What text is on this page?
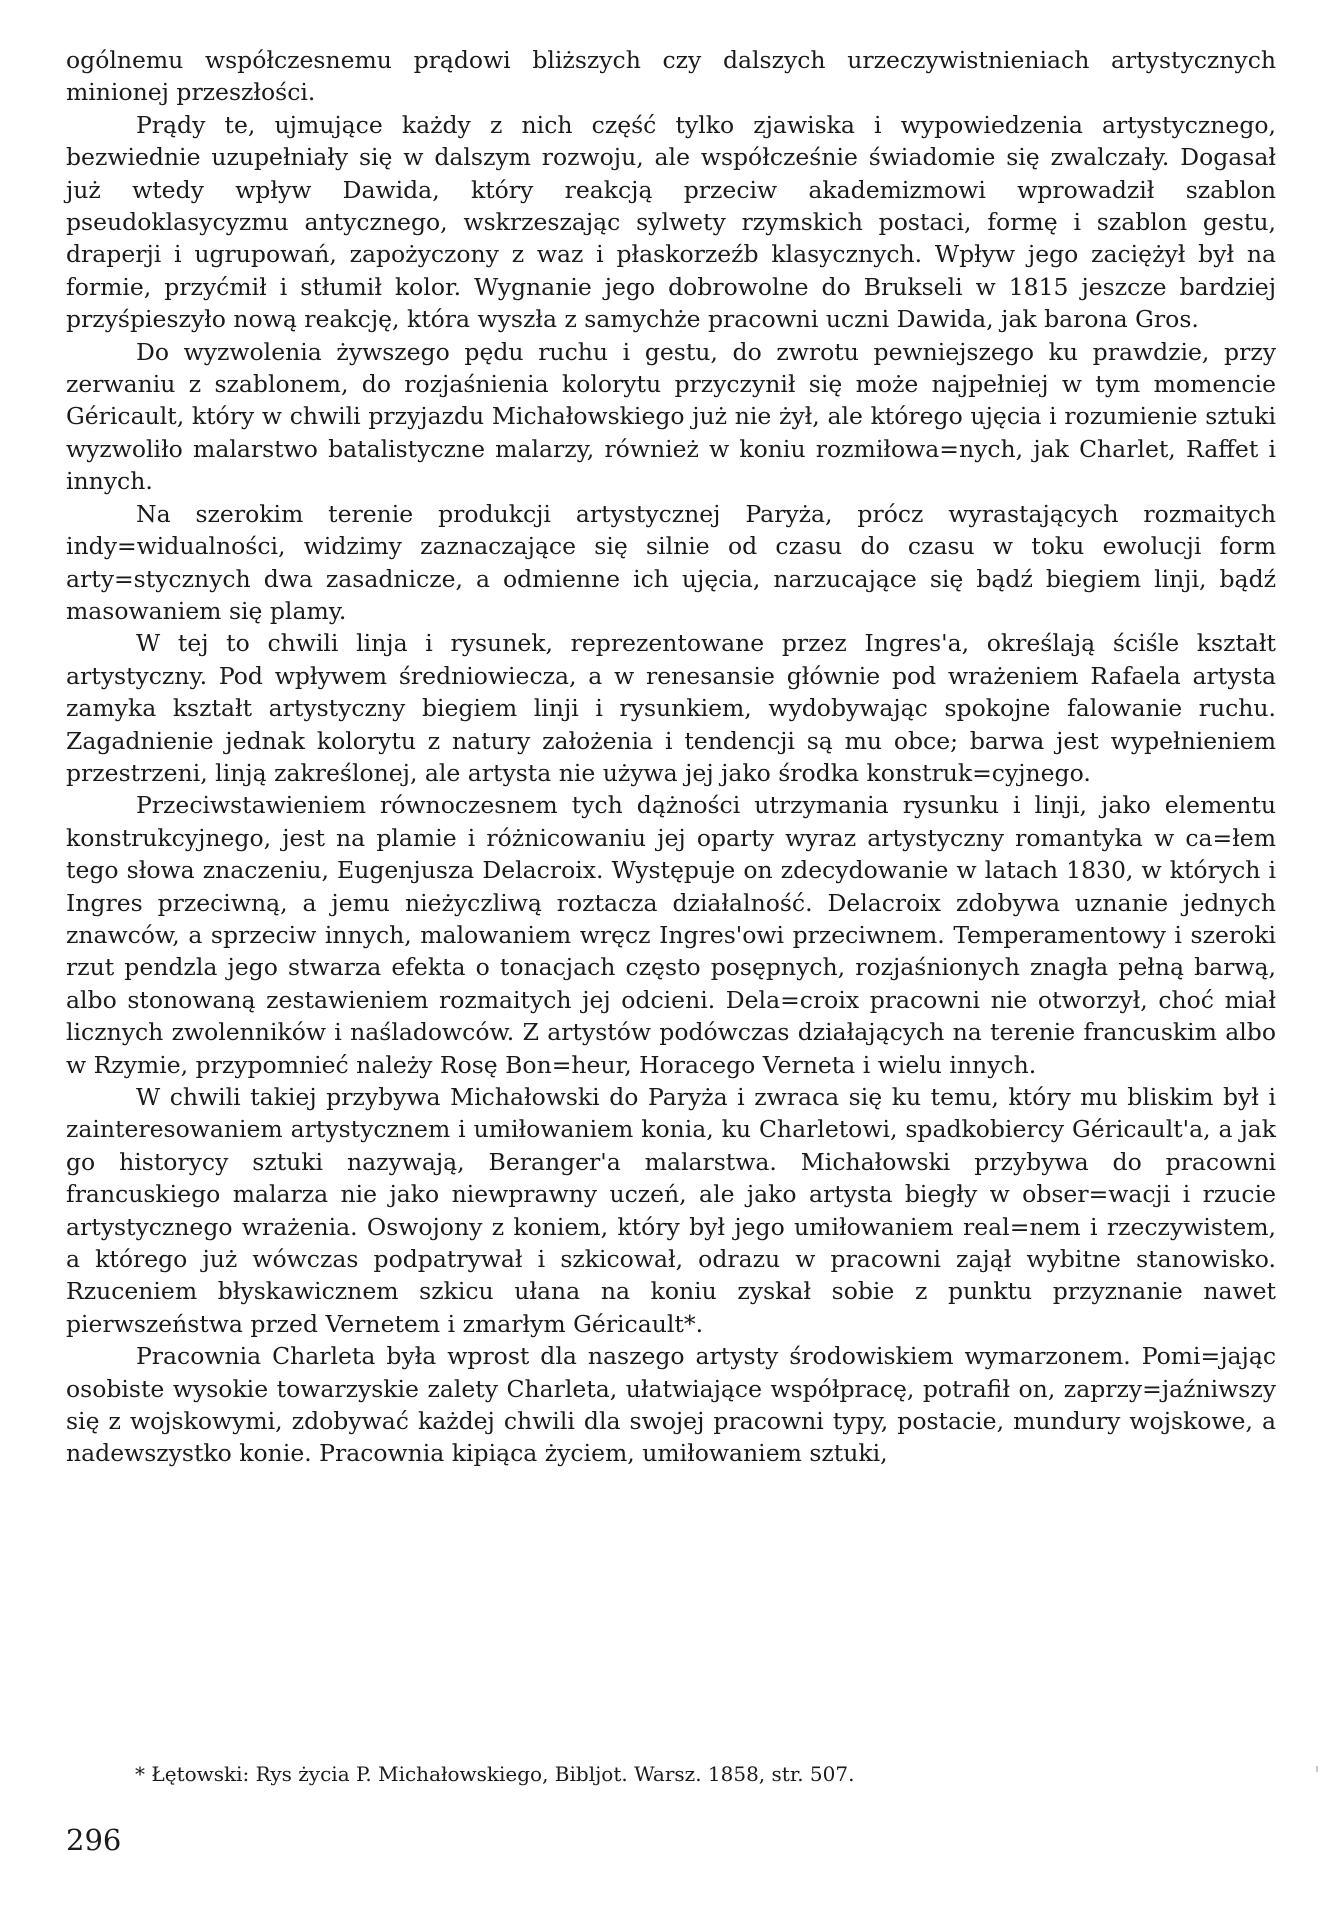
ogólnemu współczesnemu prądowi bliższych czy dalszych urzeczywistnieniach artystycznych minionej przeszłości.

Prądy te, ujmujące każdy z nich część tylko zjawiska i wypowiedzenia artystycznego, bezwiednie uzupełniały się w dalszym rozwoju, ale współcześnie świadomie się zwalczały. Dogasał już wtedy wpływ Dawida, który reakcją przeciw akademizmowi wprowadził szablon pseudoklasycyzmu antycznego, wskrzeszając sylwety rzymskich postaci, formę i szablon gestu, draperji i ugrupowań, zapożyczony z waz i płaskorzeźb klasycznych. Wpływ jego zaciężył był na formie, przyćmił i stłumił kolor. Wygnanie jego dobrowolne do Brukseli w 1815 jeszcze bardziej przyśpieszyło nową reakcję, która wyszła z samychże pracowni uczni Dawida, jak barona Gros.

Do wyzwolenia żywszego pędu ruchu i gestu, do zwrotu pewniejszego ku prawdzie, przy zerwaniu z szablonem, do rozjaśnienia kolorytu przyczynił się może najpełniej w tym momencie Géricault, który w chwili przyjazdu Michałowskiego już nie żył, ale którego ujęcia i rozumienie sztuki wyzwoliło malarstwo batalistyczne malarzy, również w koniu rozmiłowa=nych, jak Charlet, Raffet i innych.

Na szerokim terenie produkcji artystycznej Paryża, prócz wyrastających rozmaitych indy=widualności, widzimy zaznaczające się silnie od czasu do czasu w toku ewolucji form arty=stycznych dwa zasadnicze, a odmienne ich ujęcia, narzucające się bądź biegiem linji, bądź masowaniem się plamy.

W tej to chwili linja i rysunek, reprezentowane przez Ingres'a, określają ściśle kształt artystyczny. Pod wpływem średniowiecza, a w renesansie głównie pod wrażeniem Rafaela artysta zamyka kształt artystyczny biegiem linji i rysunkiem, wydobywając spokojne falowanie ruchu. Zagadnienie jednak kolorytu z natury założenia i tendencji są mu obce; barwa jest wypełnieniem przestrzeni, linją zakreślonej, ale artysta nie używa jej jako środka konstruk=cyjnego.

Przeciwstawieniem równoczesnem tych dążności utrzymania rysunku i linji, jako elementu konstrukcyjnego, jest na plamie i różnicowaniu jej oparty wyraz artystyczny romantyka w ca=łem tego słowa znaczeniu, Eugenjusza Delacroix. Występuje on zdecydowanie w latach 1830, w których i Ingres przeciwną, a jemu nieżyczliwą roztacza działalność. Delacroix zdobywa uznanie jednych znawców, a sprzeciw innych, malowaniem wręcz Ingres'owi przeciwnem. Temperamentowy i szeroki rzut pendzla jego stwarza efekta o tonacjach często posępnych, rozjaśnionych znagła pełną barwą, albo stonowaną zestawieniem rozmaitych jej odcieni. Dela=croix pracowni nie otworzył, choć miał licznych zwolenników i naśladowców. Z artystów podówczas działających na terenie francuskim albo w Rzymie, przypomnieć należy Rosę Bon=heur, Horacego Verneta i wielu innych.

W chwili takiej przybywa Michałowski do Paryża i zwraca się ku temu, który mu bliskim był i zainteresowaniem artystycznem i umiłowaniem konia, ku Charletowi, spadkobiercy Géricault'a, a jak go historycy sztuki nazywają, Beranger'a malarstwa. Michałowski przybywa do pracowni francuskiego malarza nie jako niewprawny uczeń, ale jako artysta biegły w obser=wacji i rzucie artystycznego wrażenia. Oswojony z koniem, który był jego umiłowaniem real=nem i rzeczywistem, a którego już wówczas podpatrywał i szkicował, odrazu w pracowni zajął wybitne stanowisko. Rzuceniem błyskawicznem szkicu ułana na koniu zyskał sobie z punktu przyznanie nawet pierwszeństwa przed Vernetem i zmarłym Géricault*.

Pracownia Charleta była wprost dla naszego artysty środowiskiem wymarzonem. Pomi=jając osobiste wysokie towarzyskie zalety Charleta, ułatwiające współpracę, potrafił on, zaprzy=jaźniwszy się z wojskowymi, zdobywać każdej chwili dla swojej pracowni typy, postacie, mundury wojskowe, a nadewszystko konie. Pracownia kipiąca życiem, umiłowaniem sztuki,

* Łętowski: Rys życia P. Michałowskiego, Bibljot. Warsz. 1858, str. 507.
296
